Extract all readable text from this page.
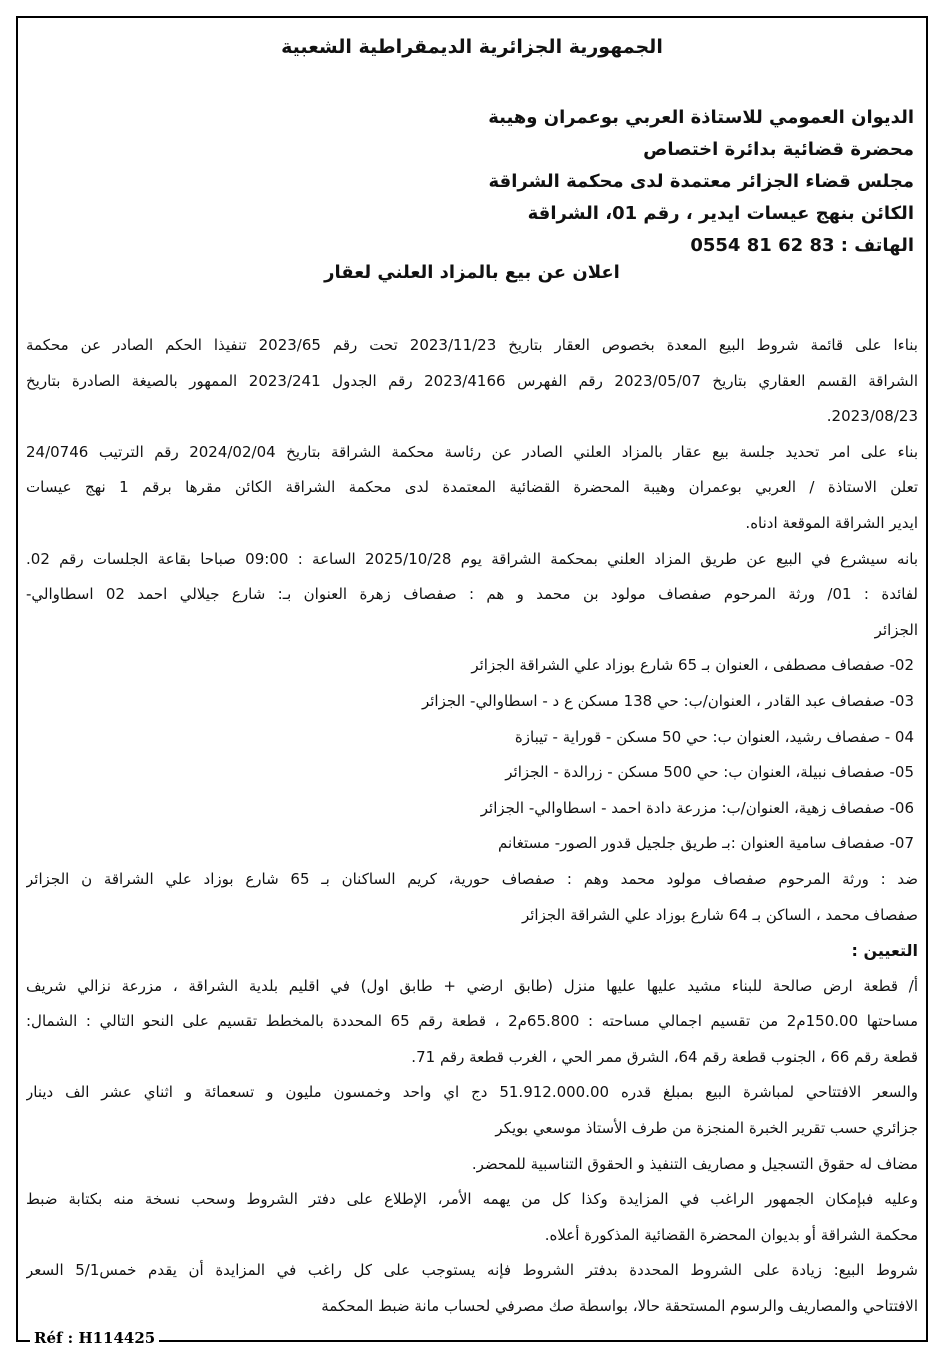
الجمهورية الجزائرية الديمقراطية الشعبية
الديوان العمومي للاستاذة العربي بوعمران وهيبة
محضرة قضائية بدائرة اختصاص
مجلس قضاء الجزائر معتمدة لدى محكمة الشراقة
الكائن بنهج عيسات ايدير ، رقم 01، الشراقة
الهاتف : 83 62 81 0554
اعلان عن بيع بالمزاد العلني لعقار

بناءا على قائمة شروط البيع المعدة بخصوص العقار بتاريخ 2023/11/23 تحت رقم 2023/65 تنفيذا الحكم الصادر عن محكمة

الشراقة القسم العقاري بتاريخ 2023/05/07 رقم الفهرس 2023/4166 رقم الجدول 2023/241 الممهور بالصيغة الصادرة بتاريخ

2023/08/23.

بناء على امر تحديد جلسة بيع عقار بالمزاد العلني الصادر عن رئاسة محكمة الشراقة بتاريخ 2024/02/04 رقم الترتيب 24/0746

تعلن الاستاذة / العربي بوعمران وهيبة المحضرة القضائية المعتمدة لدى محكمة الشراقة الكائن مقرها برقم 1 نهج عيسات

ايدير الشراقة الموقعة ادناه.

بانه سيشرع في البيع عن طريق المزاد العلني بمحكمة الشراقة يوم 2025/10/28 الساعة : 09:00 صباحا بقاعة الجلسات رقم 02.

لفائدة : 01/ ورثة المرحوم صفصاف مولود بن محمد و هم : صفصاف زهرة العنوان بـ: شارع جيلالي احمد 02 اسطاوالي-

الجزائر

02- صفصاف مصطفى ، العنوان بـ 65 شارع بوزاد علي الشراقة الجزائر

03- صفصاف عبد القادر ، العنوان/ب: حي 138 مسكن ع د - اسطاوالي- الجزائر

04 - صفصاف رشيد، العنوان ب: حي 50 مسكن - قوراية - تيبازة

05- صفصاف نبيلة، العنوان ب: حي 500 مسكن - زرالدة - الجزائر

06- صفصاف زهية، العنوان/ب: مزرعة دادة احمد - اسطاوالي- الجزائر

07- صفصاف سامية العنوان :بـ طريق جلجيل قدور الصور- مستغانم

ضد : ورثة المرحوم صفصاف مولود محمد وهم : صفصاف حورية، كريم الساكنان بـ 65 شارع بوزاد علي الشراقة ن الجزائر

صفصاف محمد ، الساكن بـ 64 شارع بوزاد علي الشراقة الجزائر

التعيين :

أ/ قطعة ارض صالحة للبناء مشيد عليها عليها منزل (طابق ارضي + طابق اول) في اقليم بلدية الشراقة ، مزرعة نزالي شريف

مساحتها 150.00م2 من تقسيم اجمالي مساحته : 65.800م2 ، قطعة رقم 65 المحددة بالمخطط تقسيم على النحو التالي : الشمال:

قطعة رقم 66 ، الجنوب قطعة رقم 64، الشرق ممر الحي ، الغرب قطعة رقم 71.

والسعر الافتتاحي لمباشرة البيع بمبلغ قدره 51.912.000.00 دج اي واحد وخمسون مليون و تسعمائة و اثناي عشر الف دينار

جزائري حسب تقرير الخبرة المنجزة من طرف الأستاذ موسعي بويكر

مضاف له حقوق التسجيل و مصاريف التنفيذ و الحقوق التناسبية للمحضر.

وعليه فبإمكان الجمهور الراغب في المزايدة وكذا كل من يهمه الأمر، الإطلاع على دفتر الشروط وسحب نسخة منه بكتابة ضبط

محكمة الشراقة أو بديوان المحضرة القضائية المذكورة أعلاه.

شروط البيع: زيادة على الشروط المحددة بدفتر الشروط فإنه يستوجب على كل راغب في المزايدة أن يقدم خمس5/1 السعر

الافتتاحي والمصاريف والرسوم المستحقة حالا، بواسطة صك مصرفي لحساب مانة ضبط المحكمة

Réf : H114425
